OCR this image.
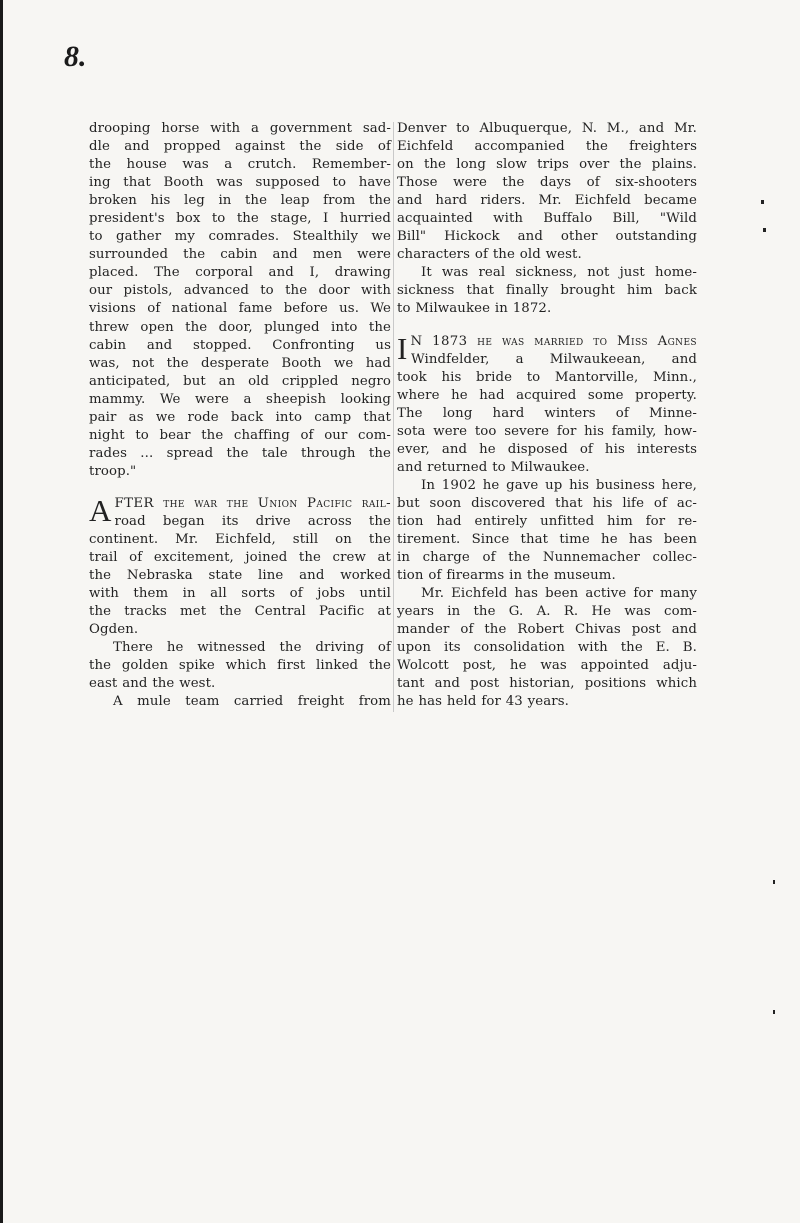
8.

drooping horse with a government sad-
dle and propped against the side of
the house was a crutch. Remember-
ing that Booth was supposed to have
broken his leg in the leap from the
president's box to the stage, I hurried
to gather my comrades. Stealthily we
surrounded the cabin and men were
placed. The corporal and I, drawing
our pistols, advanced to the door with
visions of national fame before us. We
threw open the door, plunged into the
cabin and stopped. Confronting us
was, not the desperate Booth we had
anticipated, but an old crippled negro
mammy. We were a sheepish looking
pair as we rode back into camp that
night to bear the chaffing of our com-
rades ... spread the tale through the
troop."

A FTER the war the Union Pacific rail-
road began its drive across the
continent. Mr. Eichfeld, still on the
trail of excitement, joined the crew at
the Nebraska state line and worked
with them in all sorts of jobs until
the tracks met the Central Pacific at
Ogden.

There he witnessed the driving of
the golden spike which first linked the
east and the west.

A mule team carried freight from

Denver to Albuquerque, N. M., and Mr.
Eichfeld accompanied the freighters
on the long slow trips over the plains.
Those were the days of six-shooters
and hard riders. Mr. Eichfeld became
acquainted with Buffalo Bill, "Wild
Bill" Hickock and other outstanding
characters of the old west.

It was real sickness, not just home-
sickness that finally brought him back
to Milwaukee in 1872.

I N 1873 he was married to Miss Agnes
Windfelder, a Milwaukeean, and
took his bride to Mantorville, Minn.,
where he had acquired some property.
The long hard winters of Minne-
sota were too severe for his family, how-
ever, and he disposed of his interests
and returned to Milwaukee.

In 1902 he gave up his business here,
but soon discovered that his life of ac-
tion had entirely unfitted him for re-
tirement. Since that time he has been
in charge of the Nunnemacher collec-
tion of firearms in the museum.

Mr. Eichfeld has been active for many
years in the G. A. R. He was com-
mander of the Robert Chivas post and
upon its consolidation with the E. B.
Wolcott post, he was appointed adju-
tant and post historian, positions which
he has held for 43 years.
